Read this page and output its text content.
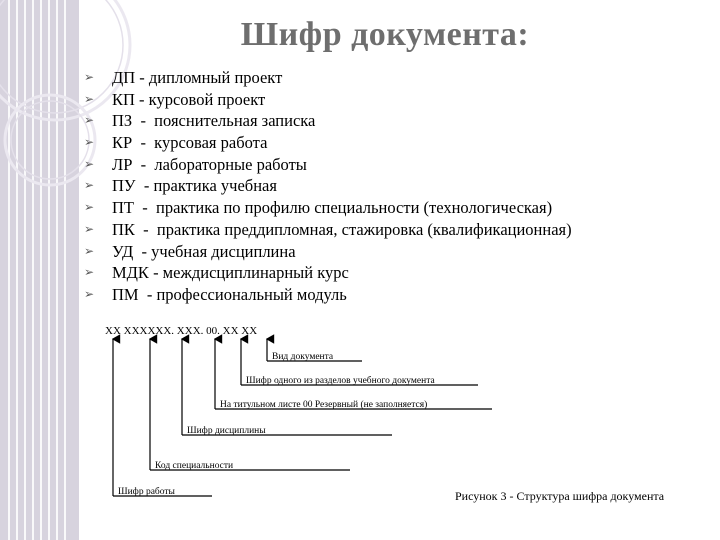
Шифр документа:
➢	ДП - дипломный проект
➢	КП - курсовой проект
➢	ПЗ -  пояснительная записка
➢	КР -  курсовая работа
➢	ЛР -  лабораторные работы
➢	ПУ - практика учебная
➢	ПТ -  практика по профилю специальности (технологическая)
➢	ПК -  практика преддипломная, стажировка (квалификационная)
➢	УД - учебная дисциплина
➢	МДК - междисциплинарный курс
➢	ПМ - профессиональный модуль
XX XXXXXX. XXX. 00. XX XX
Вид документа
Шифр одного из разделов учебного документа
На титульном листе 00 Резервный (не заполняется)
Шифр дисциплины
Код специальности
Шифр работы	Рисунок 3 - Структура шифра документа
